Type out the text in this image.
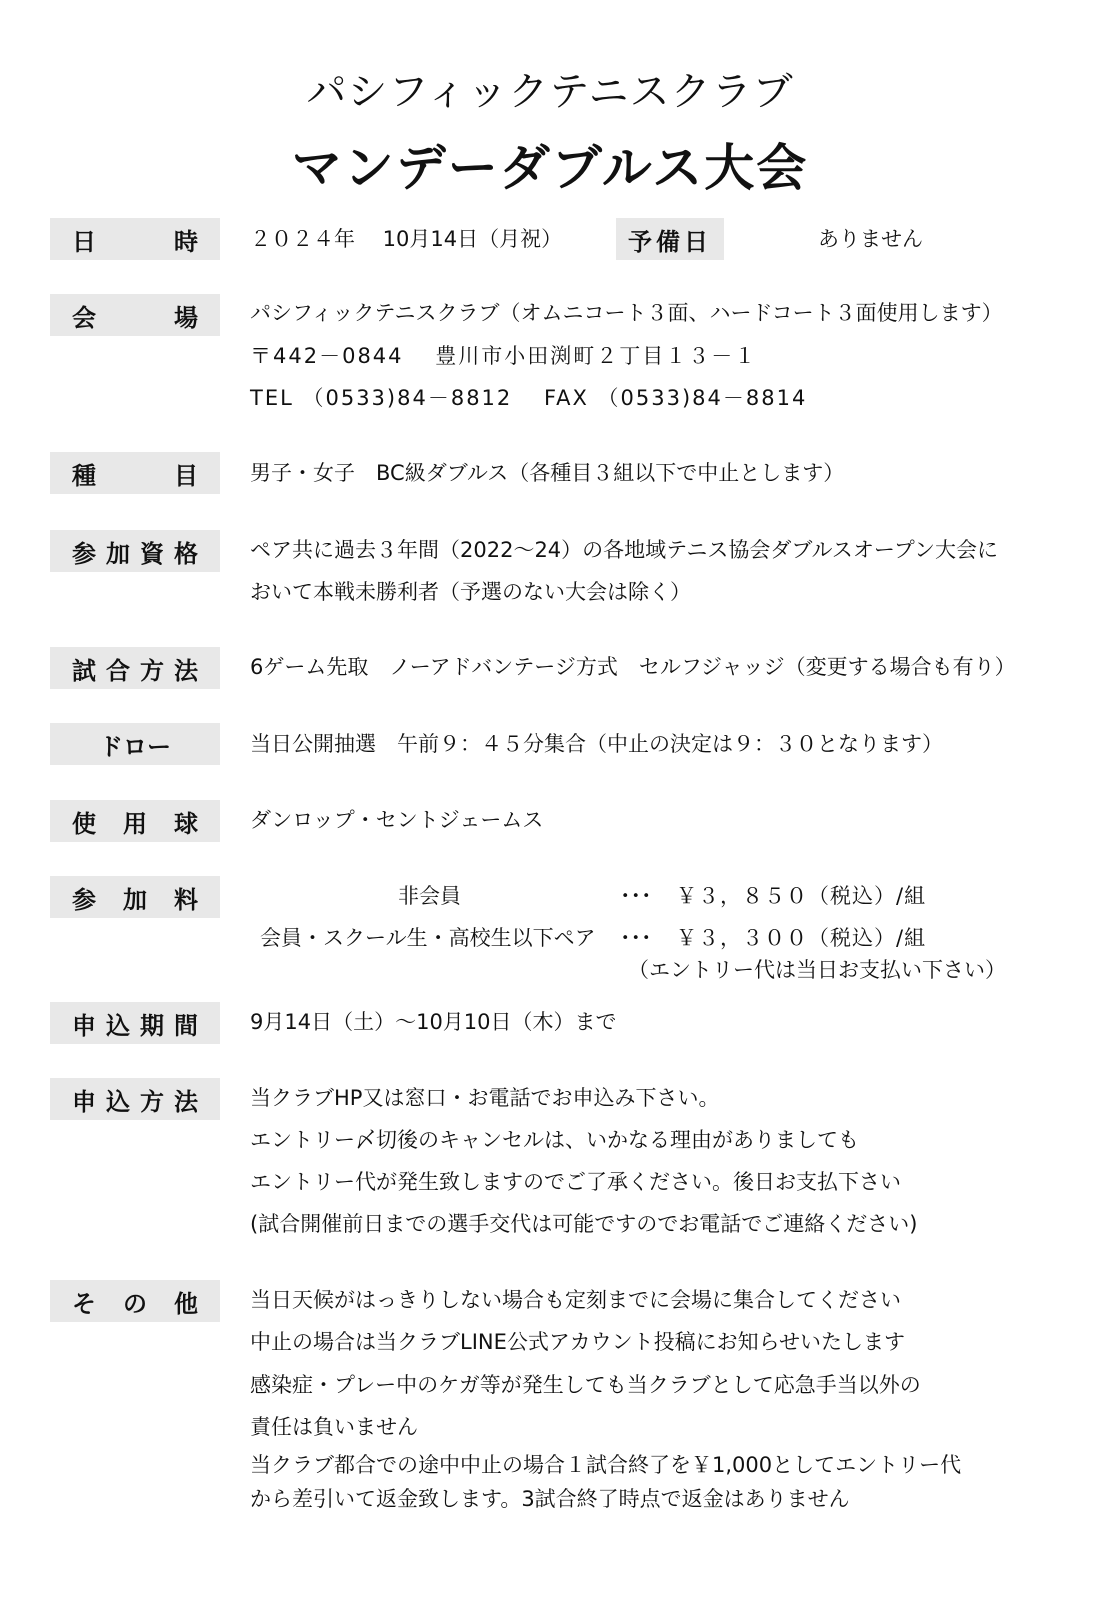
パシフィックテニスクラブ
マンデーダブルス大会
日	時 ２０２４年　 10月14日（月祝）	予備日	ありません
会	場 パシフィックテニスクラブ（オムニコート３面、ハードコート３面使用します）
〒442－0844　 豊川市小田渕町２丁目１３－１
TEL （0533)84－8812　 FAX （0533)84－8814
種	目 男子・女子　BC級ダブルス（各種目３組以下で中止とします）
参 加 資 格 ペア共に過去３年間（2022～24）の各地域テニス協会ダブルスオープン大会に
おいて本戦未勝利者（予選のない大会は除く）
試 合 方 法 6ゲーム先取　ノーアドバンテージ方式　セルフジャッジ（変更する場合も有り）
ドロー	当日公開抽選　午前９：４５分集合（中止の決定は９：３０となります）
使 用 球 ダンロップ・セントジェームス
参 加 料	非会員	･･･ ￥３，８５０（税込）/組
会員・スクール生・高校生以下ペア ･･･ ￥３，３００（税込）/組
（エントリー代は当日お支払い下さい）
申 込 期 間 9月14日（土）～10月10日（木）まで
申 込 方 法 当クラブHP又は窓口・お電話でお申込み下さい。
エントリー〆切後のキャンセルは、いかなる理由がありましても
エントリー代が発生致しますのでご了承ください。後日お支払下さい
(試合開催前日までの選手交代は可能ですのでお電話でご連絡ください)
そ の 他 当日天候がはっきりしない場合も定刻までに会場に集合してください
中止の場合は当クラブLINE公式アカウント投稿にお知らせいたします
感染症・プレー中のケガ等が発生しても当クラブとして応急手当以外の
責任は負いません
当クラブ都合での途中中止の場合１試合終了を￥1,000としてエントリー代
から差引いて返金致します。3試合終了時点で返金はありません
